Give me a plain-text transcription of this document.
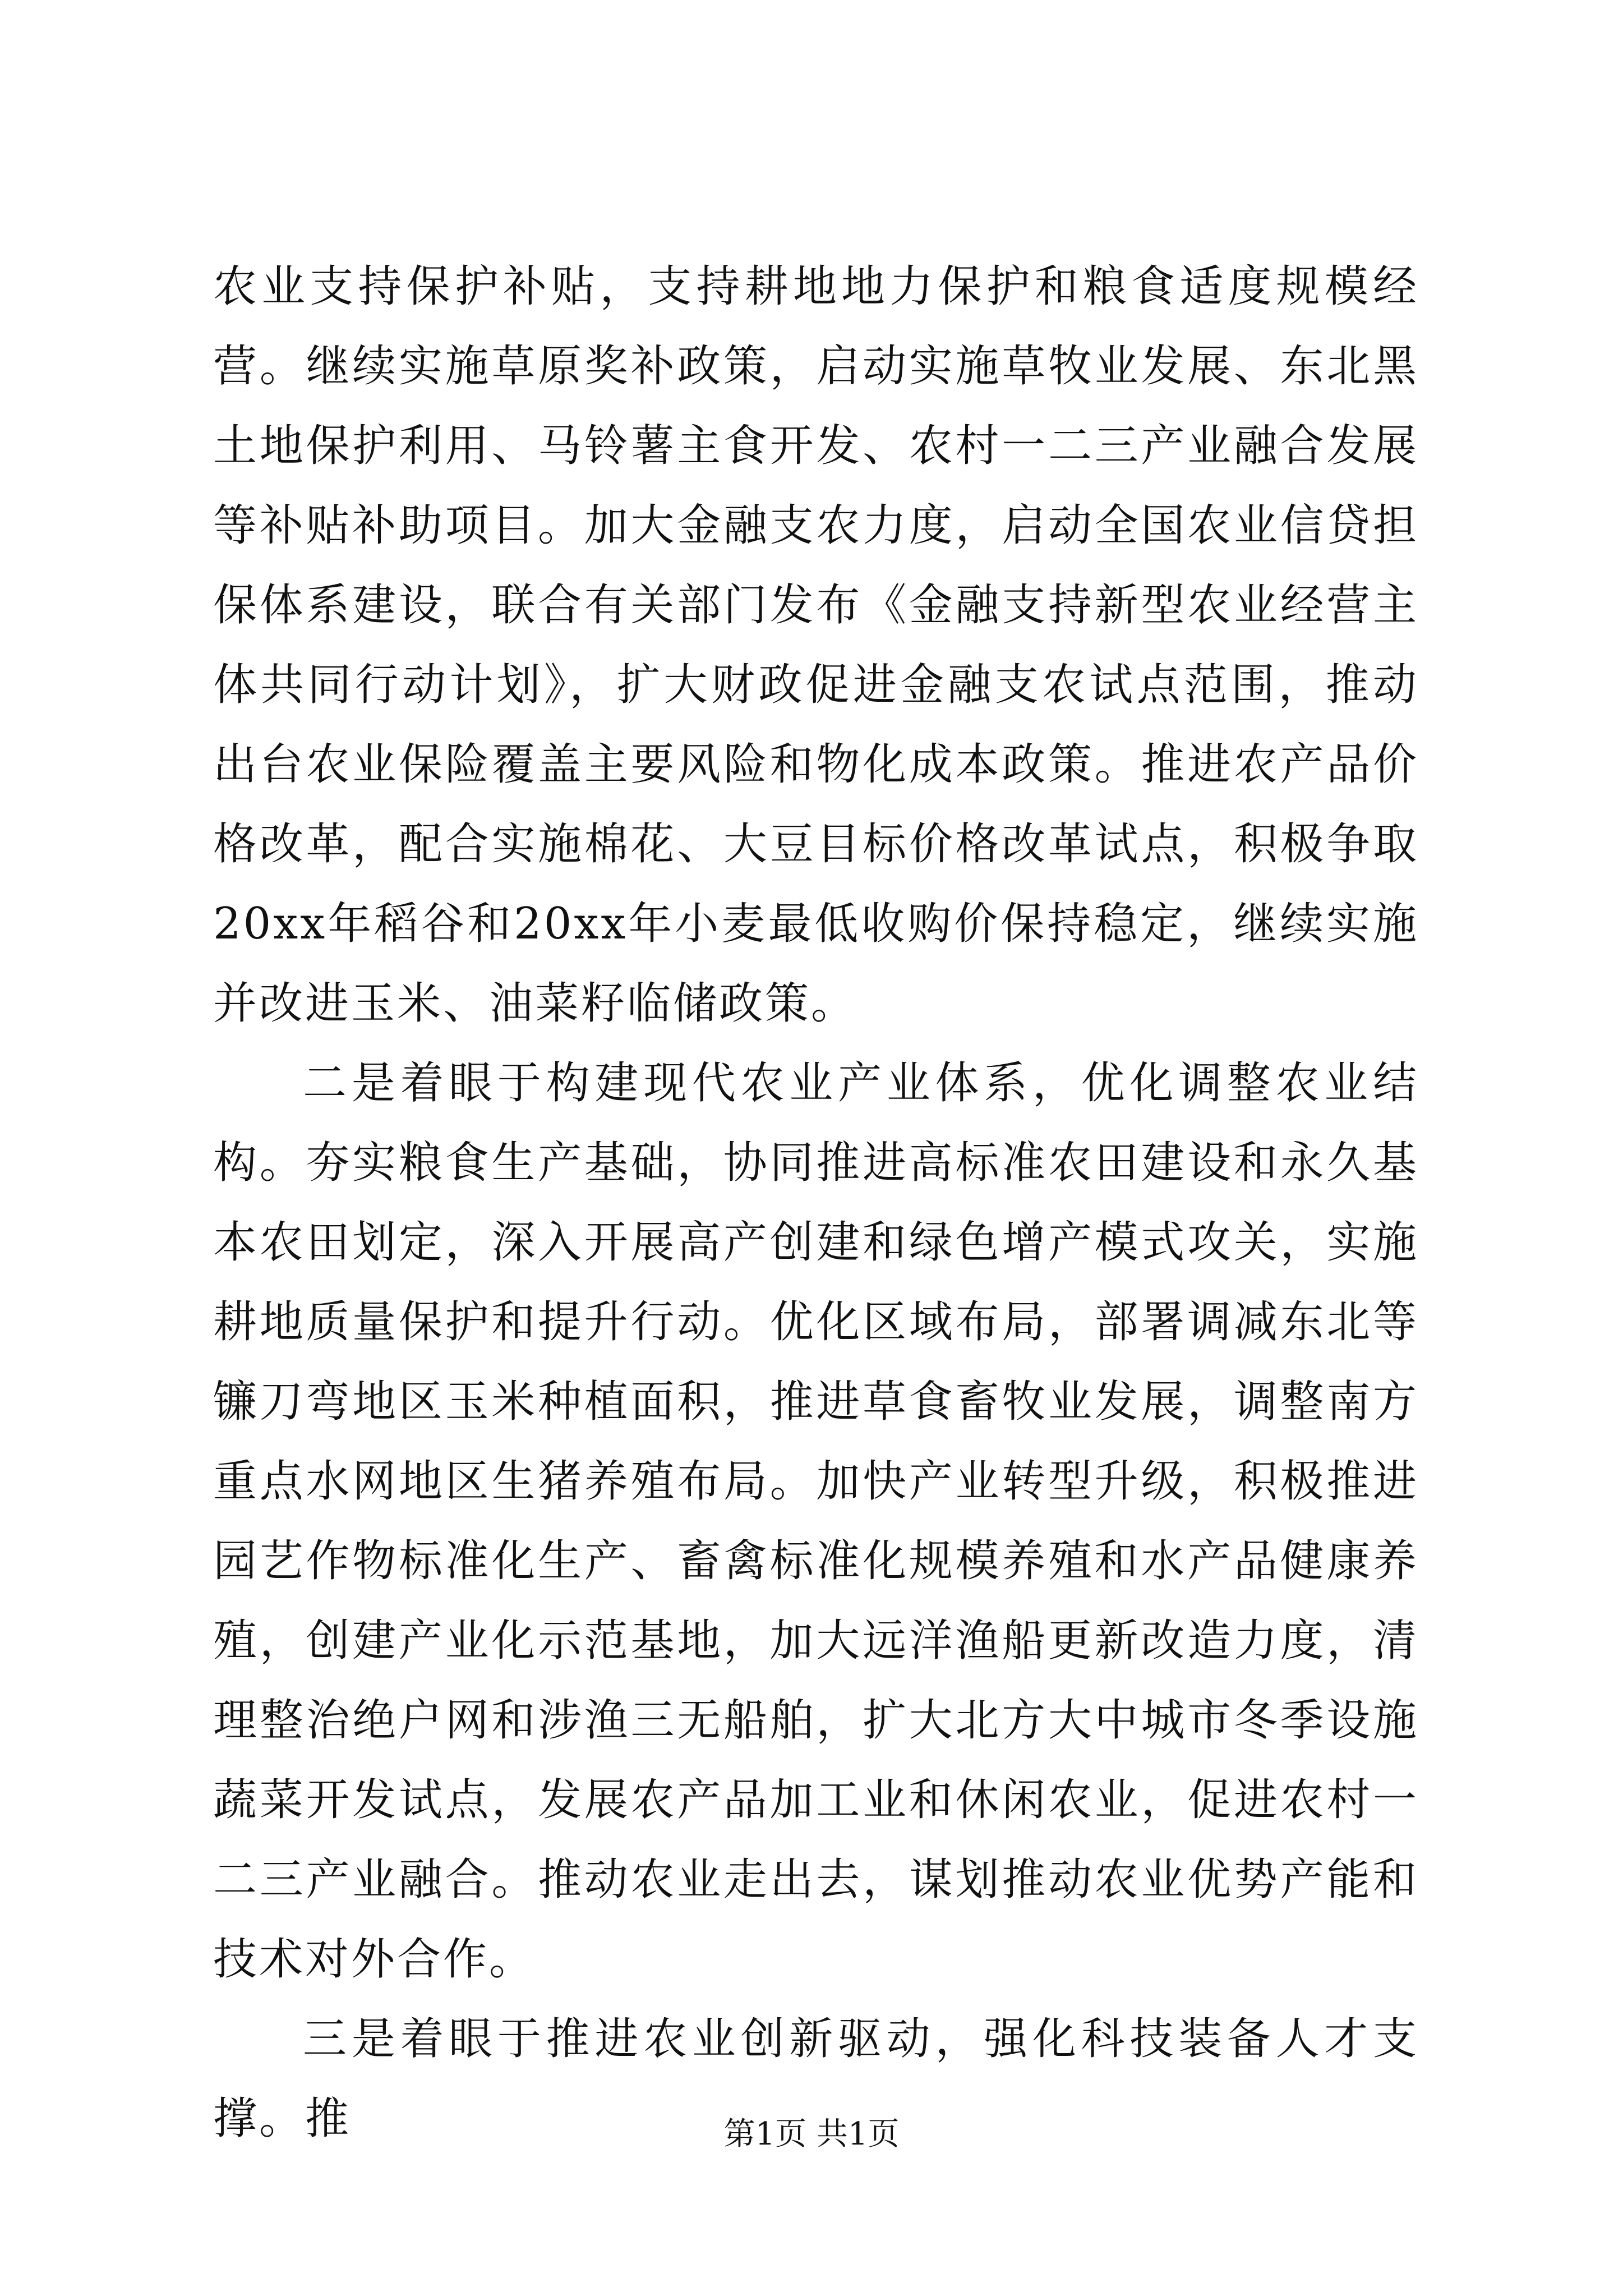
农业支持保护补贴，支持耕地地力保护和粮食适度规模经营。继续实施草原奖补政策，启动实施草牧业发展、东北黑土地保护利用、马铃薯主食开发、农村一二三产业融合发展等补贴补助项目。加大金融支农力度，启动全国农业信贷担保体系建设，联合有关部门发布《金融支持新型农业经营主体共同行动计划》，扩大财政促进金融支农试点范围，推动出台农业保险覆盖主要风险和物化成本政策。推进农产品价格改革，配合实施棉花、大豆目标价格改革试点，积极争取20xx年稻谷和20xx年小麦最低收购价保持稳定，继续实施并改进玉米、油菜籽临储政策。

二是着眼于构建现代农业产业体系，优化调整农业结构。夯实粮食生产基础，协同推进高标准农田建设和永久基本农田划定，深入开展高产创建和绿色增产模式攻关，实施耕地质量保护和提升行动。优化区域布局，部署调减东北等镰刀弯地区玉米种植面积，推进草食畜牧业发展，调整南方重点水网地区生猪养殖布局。加快产业转型升级，积极推进园艺作物标准化生产、畜禽标准化规模养殖和水产品健康养殖，创建产业化示范基地，加大远洋渔船更新改造力度，清理整治绝户网和涉渔三无船舶，扩大北方大中城市冬季设施蔬菜开发试点，发展农产品加工业和休闲农业，促进农村一二三产业融合。推动农业走出去，谋划推动农业优势产能和技术对外合作。

三是着眼于推进农业创新驱动，强化科技装备人才支撑。推	第1页 共1页
